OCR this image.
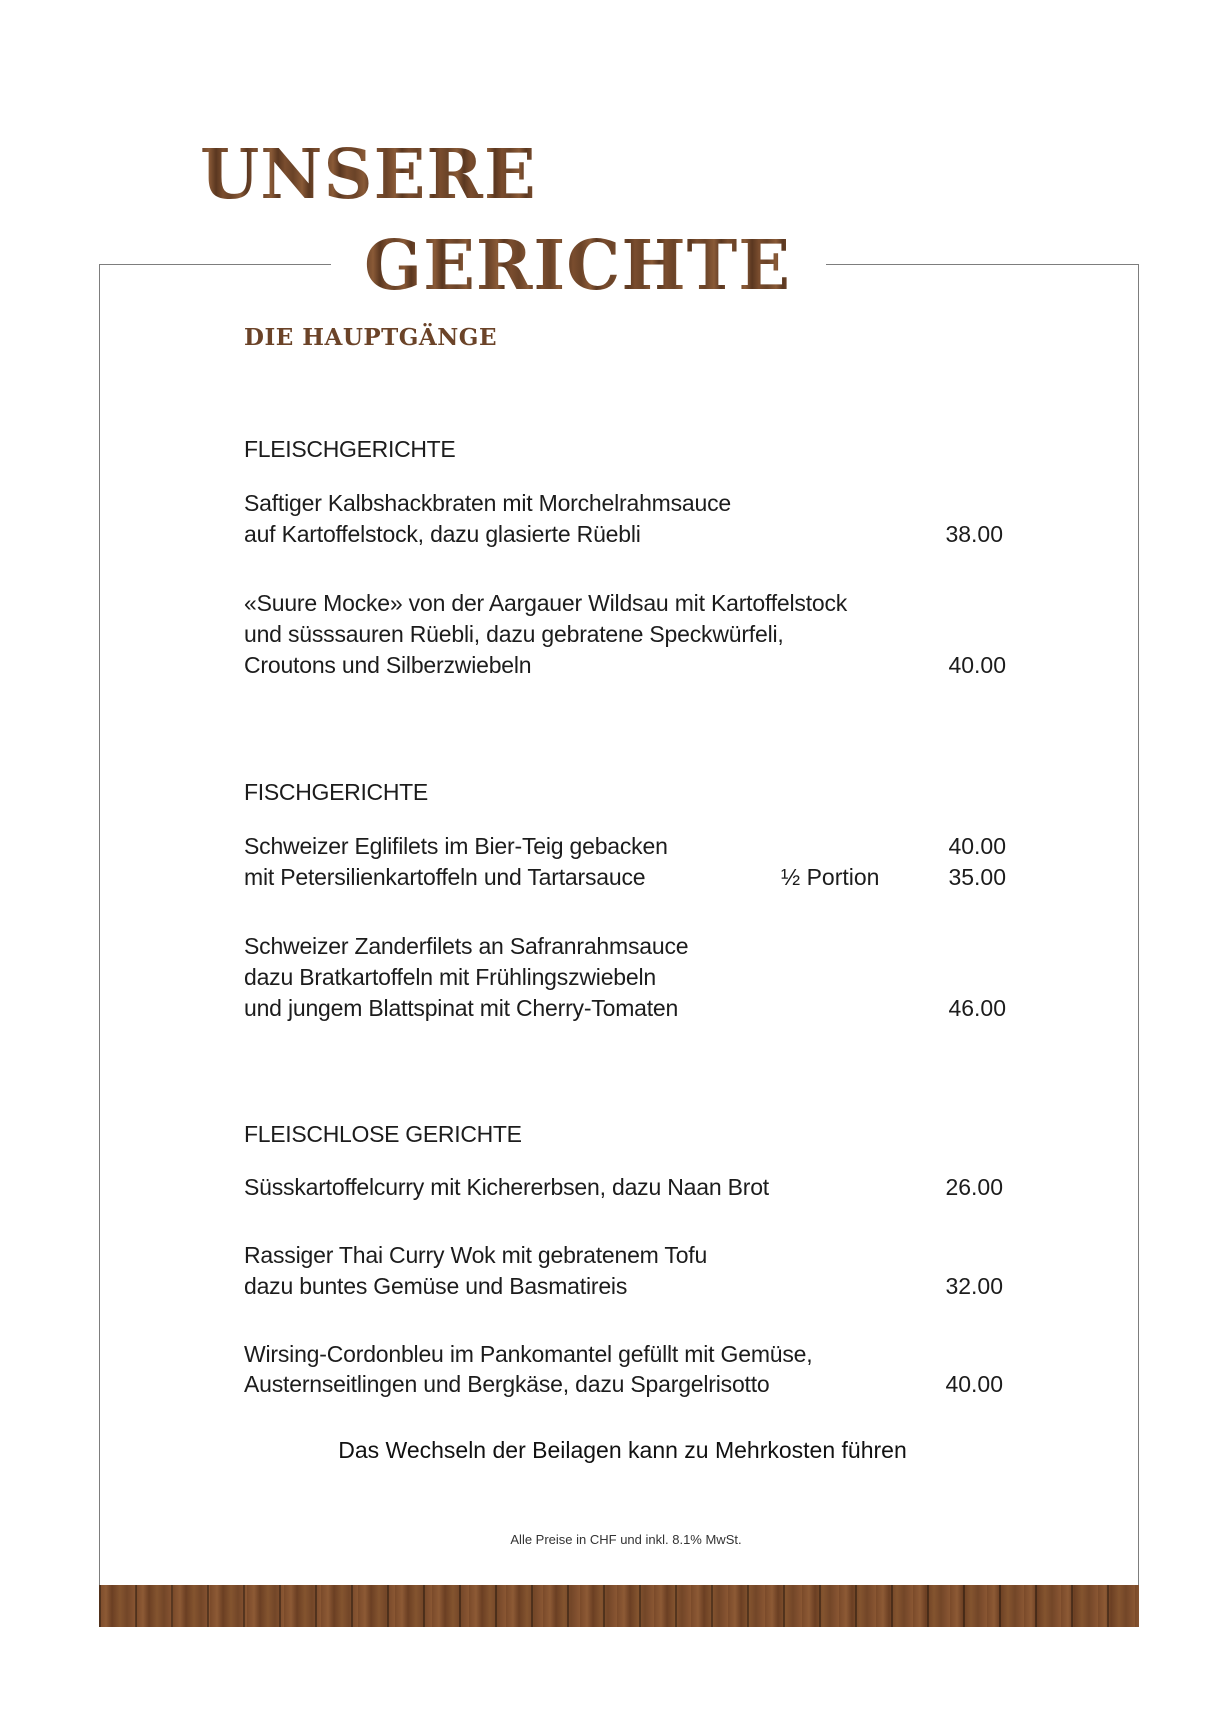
UNSERE
GERICHTE
DIE HAUPTGÄNGE
FLEISCHGERICHTE
Saftiger Kalbshackbraten mit Morchelrahmsauce
auf Kartoffelstock, dazu glasierte Rüebli	38.00
«Suure Mocke» von der Aargauer Wildsau mit Kartoffelstock
und süsssauren Rüebli, dazu gebratene Speckwürfeli,
Croutons und Silberzwiebeln	40.00
FISCHGERICHTE
Schweizer Eglifilets im Bier-Teig gebacken	40.00
mit Petersilienkartoffeln und Tartarsauce	½ Portion	35.00
Schweizer Zanderfilets an Safranrahmsauce
dazu Bratkartoffeln mit Frühlingszwiebeln
und jungem Blattspinat mit Cherry-Tomaten	46.00
FLEISCHLOSE GERICHTE
Süsskartoffelcurry mit Kichererbsen, dazu Naan Brot	26.00
Rassiger Thai Curry Wok mit gebratenem Tofu
dazu buntes Gemüse und Basmatireis	32.00
Wirsing-Cordonbleu im Pankomantel gefüllt mit Gemüse,
Austernseitlingen und Bergkäse, dazu Spargelrisotto	40.00
Das Wechseln der Beilagen kann zu Mehrkosten führen
Alle Preise in CHF und inkl. 8.1% MwSt.
